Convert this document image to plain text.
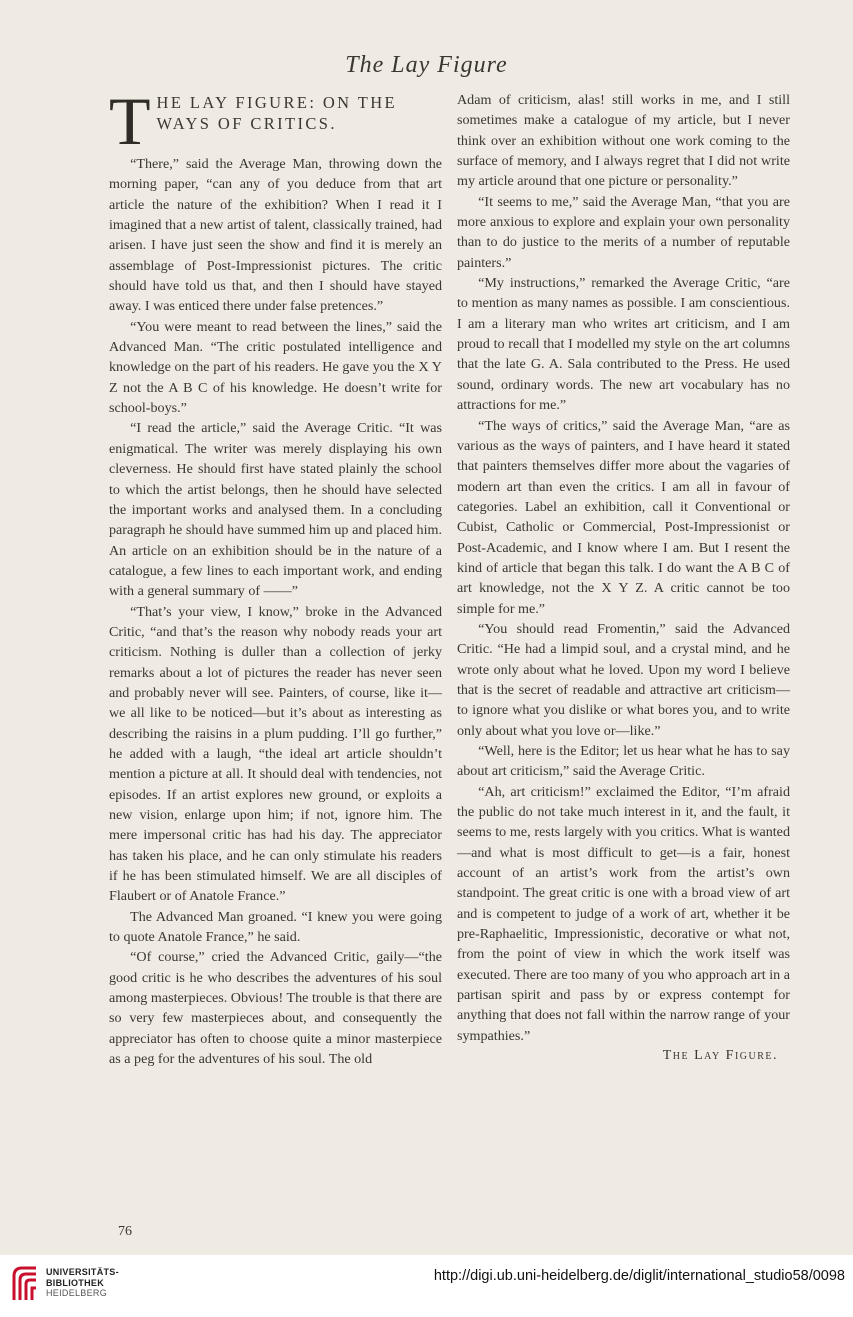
The Lay Figure
T HE LAY FIGURE: ON THE WAYS OF CRITICS.

“There,” said the Average Man, throwing down the morning paper, “can any of you deduce from that art article the nature of the exhibition? When I read it I imagined that a new artist of talent, classically trained, had arisen. I have just seen the show and find it is merely an assemblage of Post-Impressionist pictures. The critic should have told us that, and then I should have stayed away. I was enticed there under false pretences.”

“You were meant to read between the lines,” said the Advanced Man. “The critic postulated intelligence and knowledge on the part of his readers. He gave you the X Y Z not the A B C of his knowledge. He doesn’t write for school-boys.”

“I read the article,” said the Average Critic. “It was enigmatical. The writer was merely displaying his own cleverness. He should first have stated plainly the school to which the artist belongs, then he should have selected the important works and analysed them. In a concluding paragraph he should have summed him up and placed him. An article on an exhibition should be in the nature of a catalogue, a few lines to each important work, and ending with a general summary of ——”

“That’s your view, I know,” broke in the Advanced Critic, “and that’s the reason why nobody reads your art criticism. Nothing is duller than a collection of jerky remarks about a lot of pictures the reader has never seen and probably never will see. Painters, of course, like it—we all like to be noticed—but it’s about as interesting as describing the raisins in a plum pudding. I’ll go further,” he added with a laugh, “the ideal art article shouldn’t mention a picture at all. It should deal with tendencies, not episodes. If an artist explores new ground, or exploits a new vision, enlarge upon him; if not, ignore him. The mere impersonal critic has had his day. The appreciator has taken his place, and he can only stimulate his readers if he has been stimulated himself. We are all disciples of Flaubert or of Anatole France.”

The Advanced Man groaned. “I knew you were going to quote Anatole France,” he said.

“Of course,” cried the Advanced Critic, gaily—“the good critic is he who describes the adventures of his soul among masterpieces. Obvious! The trouble is that there are so very few masterpieces about, and consequently the appreciator has often to choose quite a minor masterpiece as a peg for the adventures of his soul. The old

Adam of criticism, alas! still works in me, and I still sometimes make a catalogue of my article, but I never think over an exhibition without one work coming to the surface of memory, and I always regret that I did not write my article around that one picture or personality.”

“It seems to me,” said the Average Man, “that you are more anxious to explore and explain your own personality than to do justice to the merits of a number of reputable painters.”

“My instructions,” remarked the Average Critic, “are to mention as many names as possible. I am conscientious. I am a literary man who writes art criticism, and I am proud to recall that I modelled my style on the art columns that the late G. A. Sala contributed to the Press. He used sound, ordinary words. The new art vocabulary has no attractions for me.”

“The ways of critics,” said the Average Man, “are as various as the ways of painters, and I have heard it stated that painters themselves differ more about the vagaries of modern art than even the critics. I am all in favour of categories. Label an exhibition, call it Conventional or Cubist, Catholic or Commercial, Post-Impressionist or Post-Academic, and I know where I am. But I resent the kind of article that began this talk. I do want the A B C of art knowledge, not the X Y Z. A critic cannot be too simple for me.”

“You should read Fromentin,” said the Advanced Critic. “He had a limpid soul, and a crystal mind, and he wrote only about what he loved. Upon my word I believe that is the secret of readable and attractive art criticism—to ignore what you dislike or what bores you, and to write only about what you love or—like.”

“Well, here is the Editor; let us hear what he has to say about art criticism,” said the Average Critic.

“Ah, art criticism!” exclaimed the Editor, “I’m afraid the public do not take much interest in it, and the fault, it seems to me, rests largely with you critics. What is wanted—and what is most difficult to get—is a fair, honest account of an artist’s work from the artist’s own standpoint. The great critic is one with a broad view of art and is competent to judge of a work of art, whether it be pre-Raphaelitic, Impressionistic, decorative or what not, from the point of view in which the work itself was executed. There are too many of you who approach art in a partisan spirit and pass by or express contempt for anything that does not fall within the narrow range of your sympathies.”

The Lay Figure.
76
UNIVERSITÄTS-
BIBLIOTHEK
HEIDELBERG
http://digi.ub.uni-heidelberg.de/diglit/international_studio58/0098
